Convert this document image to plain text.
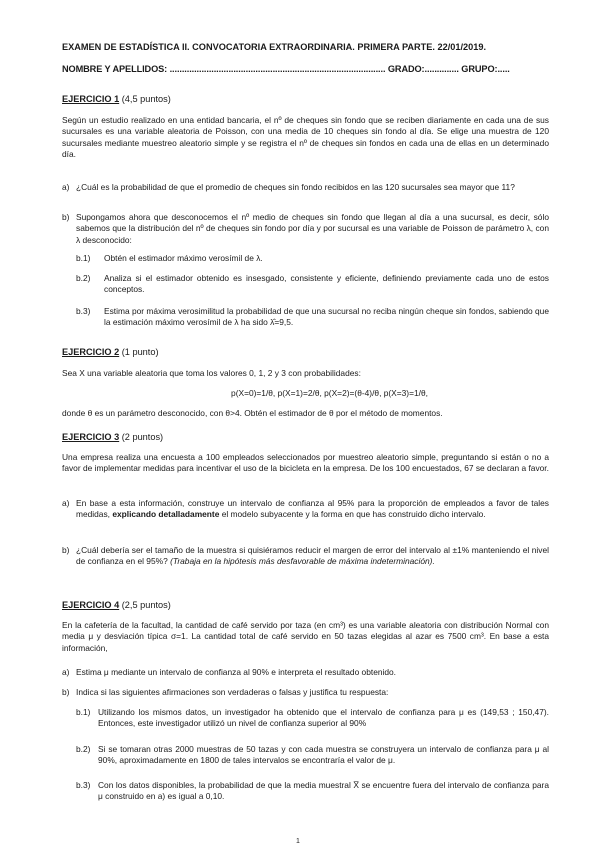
EXAMEN DE ESTADÍSTICA II. CONVOCATORIA EXTRAORDINARIA. PRIMERA PARTE. 22/01/2019.
NOMBRE Y APELLIDOS: ........................................................................................ GRADO:.............. GRUPO:.....
EJERCICIO 1 (4,5 puntos)
Según un estudio realizado en una entidad bancaria, el nº de cheques sin fondo que se reciben diariamente en cada una de sus sucursales es una variable aleatoria de Poisson, con una media de 10 cheques sin fondo al día. Se elige una muestra de 120 sucursales mediante muestreo aleatorio simple y se registra el nº de cheques sin fondos en cada una de ellas en un determinado día.
a) ¿Cuál es la probabilidad de que el promedio de cheques sin fondo recibidos en las 120 sucursales sea mayor que 11?
b) Supongamos ahora que desconocemos el nº medio de cheques sin fondo que llegan al día a una sucursal, es decir, sólo sabemos que la distribución del nº de cheques sin fondo por día y por sucursal es una variable de Poisson de parámetro λ, con λ desconocido:
b.1) Obtén el estimador máximo verosímil de λ.
b.2) Analiza si el estimador obtenido es insesgado, consistente y eficiente, definiendo previamente cada uno de estos conceptos.
b.3) Estima por máxima verosimilitud la probabilidad de que una sucursal no reciba ningún cheque sin fondos, sabiendo que la estimación máximo verosímil de λ ha sido λ̂=9,5.
EJERCICIO 2 (1 punto)
Sea X una variable aleatoria que toma los valores 0, 1, 2 y 3 con probabilidades:
p(X=0)=1/θ, p(X=1)=2/θ, p(X=2)=(θ-4)/θ, p(X=3)=1/θ,
donde θ es un parámetro desconocido, con θ>4. Obtén el estimador de θ por el método de momentos.
EJERCICIO 3 (2 puntos)
Una empresa realiza una encuesta a 100 empleados seleccionados por muestreo aleatorio simple, preguntando si están o no a favor de implementar medidas para incentivar el uso de la bicicleta en la empresa. De los 100 encuestados, 67 se declaran a favor.
a) En base a esta información, construye un intervalo de confianza al 95% para la proporción de empleados a favor de tales medidas, explicando detalladamente el modelo subyacente y la forma en que has construido dicho intervalo.
b) ¿Cuál debería ser el tamaño de la muestra si quisiéramos reducir el margen de error del intervalo al ±1% manteniendo el nivel de confianza en el 95%? (Trabaja en la hipótesis más desfavorable de máxima indeterminación).
EJERCICIO 4 (2,5 puntos)
En la cafetería de la facultad, la cantidad de café servido por taza (en cm³) es una variable aleatoria con distribución Normal con media μ y desviación típica σ=1. La cantidad total de café servido en 50 tazas elegidas al azar es 7500 cm³. En base a esta información,
a) Estima μ mediante un intervalo de confianza al 90% e interpreta el resultado obtenido.
b) Indica si las siguientes afirmaciones son verdaderas o falsas y justifica tu respuesta:
b.1) Utilizando los mismos datos, un investigador ha obtenido que el intervalo de confianza para μ es (149,53 ; 150,47). Entonces, este investigador utilizó un nivel de confianza superior al 90%
b.2) Si se tomaran otras 2000 muestras de 50 tazas y con cada muestra se construyera un intervalo de confianza para μ al 90%, aproximadamente en 1800 de tales intervalos se encontraría el valor de μ.
b.3) Con los datos disponibles, la probabilidad de que la media muestral X̅ se encuentre fuera del intervalo de confianza para μ construido en a) es igual a 0,10.
1
